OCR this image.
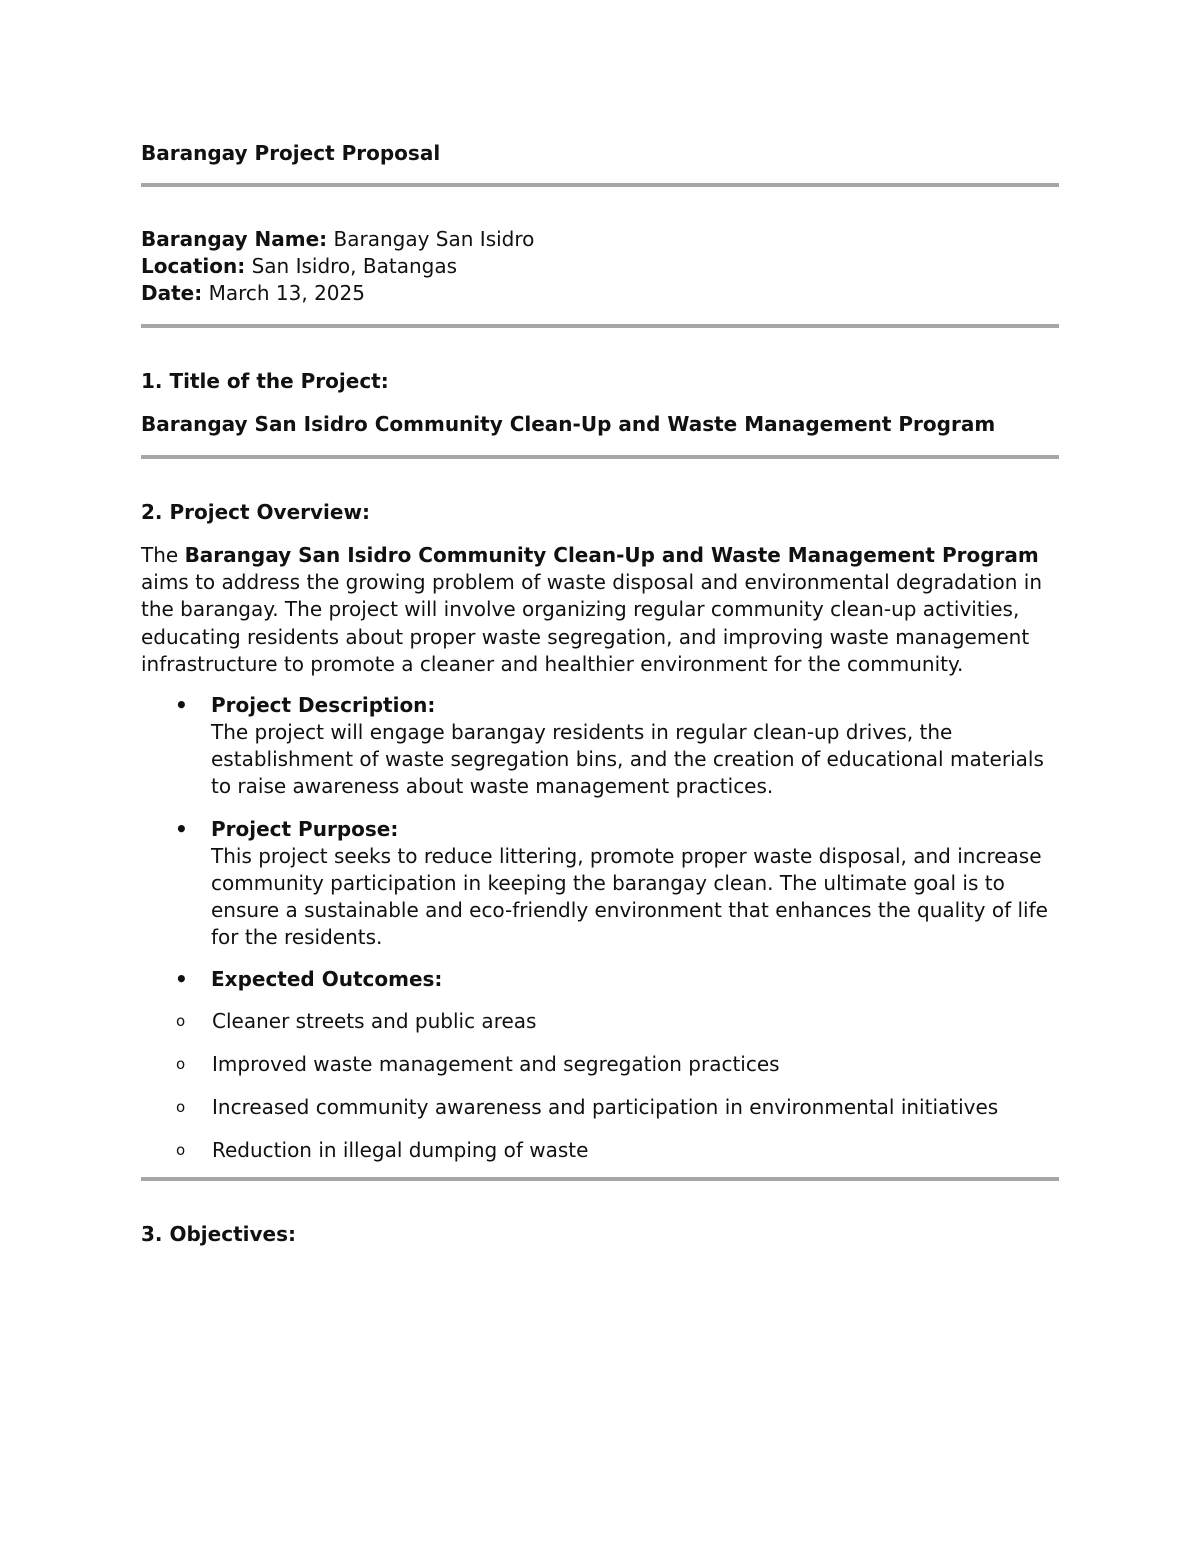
Barangay Project Proposal
Barangay Name: Barangay San Isidro
Location: San Isidro, Batangas
Date: March 13, 2025
1. Title of the Project:
Barangay San Isidro Community Clean-Up and Waste Management Program
2. Project Overview:
The Barangay San Isidro Community Clean-Up and Waste Management Program aims to address the growing problem of waste disposal and environmental degradation in the barangay. The project will involve organizing regular community clean-up activities, educating residents about proper waste segregation, and improving waste management infrastructure to promote a cleaner and healthier environment for the community.
• Project Description:
The project will engage barangay residents in regular clean-up drives, the establishment of waste segregation bins, and the creation of educational materials to raise awareness about waste management practices.
• Project Purpose:
This project seeks to reduce littering, promote proper waste disposal, and increase community participation in keeping the barangay clean. The ultimate goal is to ensure a sustainable and eco-friendly environment that enhances the quality of life for the residents.
• Expected Outcomes:
o Cleaner streets and public areas
o Improved waste management and segregation practices
o Increased community awareness and participation in environmental initiatives
o Reduction in illegal dumping of waste
3. Objectives:
